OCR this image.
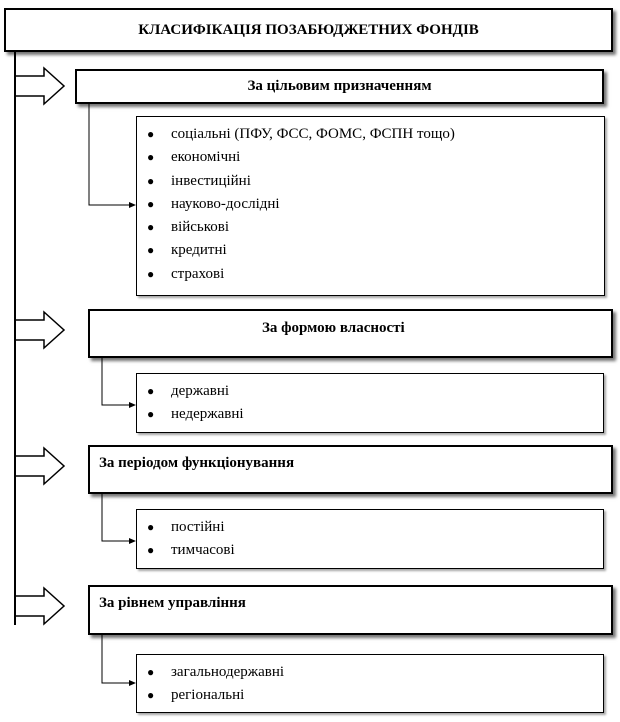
КЛАСИФІКАЦІЯ ПОЗАБЮДЖЕТНИХ ФОНДІВ
За цільовим призначенням
● соціальні (ПФУ, ФСС, ФОМС, ФСПН тощо)
● економічні
● інвестиційні
● науково-дослідні
● військові
● кредитні
● страхові
За формою власності
● державні
● недержавні
За періодом функціонування
● постійні
● тимчасові
За рівнем управління
● загальнодержавні
● регіональні
